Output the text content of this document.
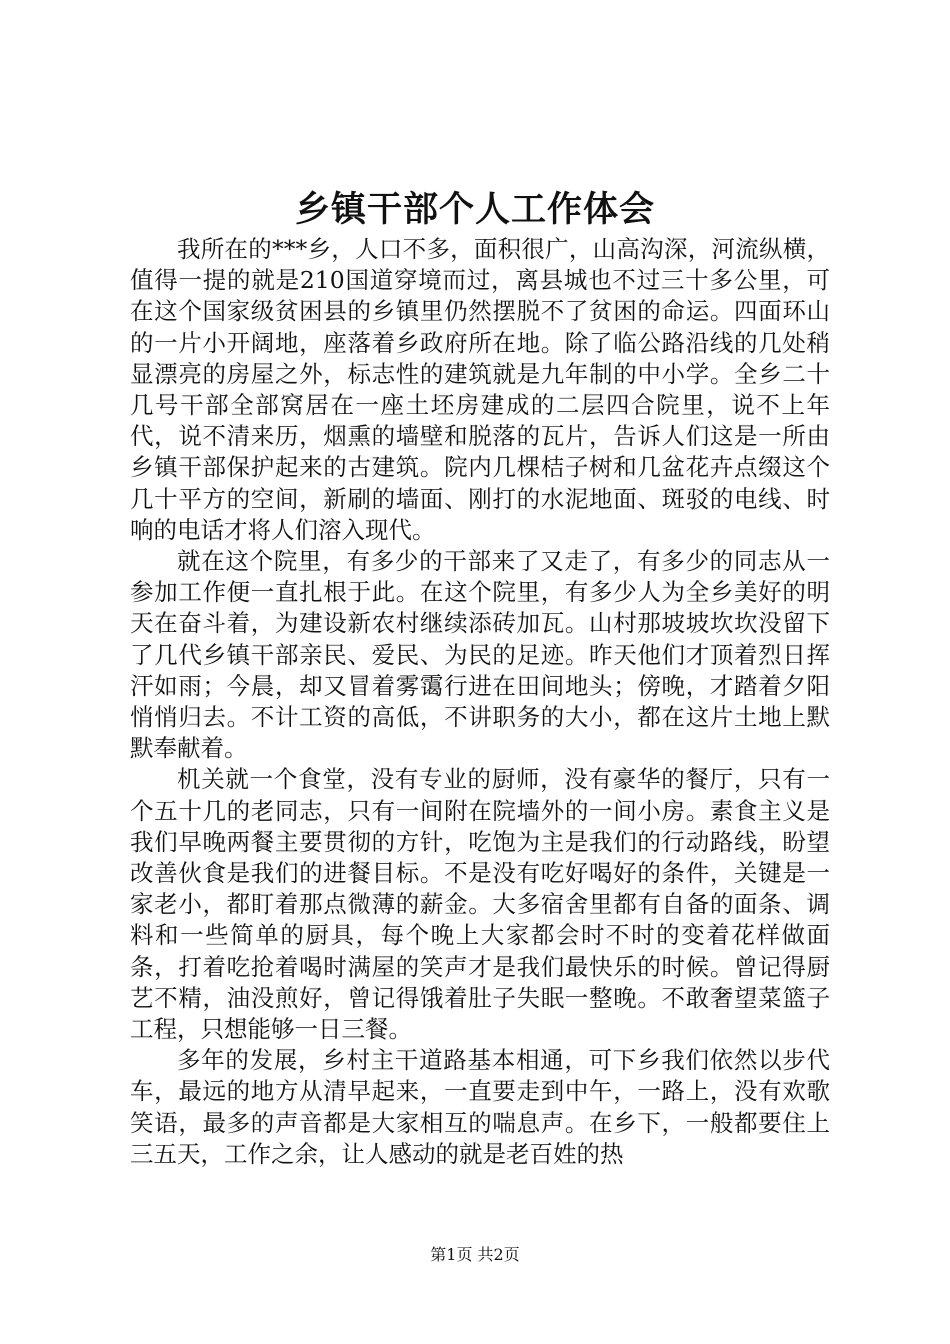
乡镇干部个人工作体会

我所在的***乡，人口不多，面积很广，山高沟深，河流纵横，值得一提的就是210国道穿境而过，离县城也不过三十多公里，可在这个国家级贫困县的乡镇里仍然摆脱不了贫困的命运。四面环山的一片小开阔地，座落着乡政府所在地。除了临公路沿线的几处稍显漂亮的房屋之外，标志性的建筑就是九年制的中小学。全乡二十几号干部全部窝居在一座土坯房建成的二层四合院里，说不上年代，说不清来历，烟熏的墙壁和脱落的瓦片，告诉人们这是一所由乡镇干部保护起来的古建筑。院内几棵桔子树和几盆花卉点缀这个几十平方的空间，新刷的墙面、刚打的水泥地面、斑驳的电线、时响的电话才将人们溶入现代。

就在这个院里，有多少的干部来了又走了，有多少的同志从一参加工作便一直扎根于此。在这个院里，有多少人为全乡美好的明天在奋斗着，为建设新农村继续添砖加瓦。山村那坡坡坎坎没留下了几代乡镇干部亲民、爱民、为民的足迹。昨天他们才顶着烈日挥汗如雨；今晨，却又冒着雾霭行进在田间地头；傍晚，才踏着夕阳悄悄归去。不计工资的高低，不讲职务的大小，都在这片土地上默默奉献着。

机关就一个食堂，没有专业的厨师，没有豪华的餐厅，只有一个五十几的老同志，只有一间附在院墙外的一间小房。素食主义是我们早晚两餐主要贯彻的方针，吃饱为主是我们的行动路线，盼望改善伙食是我们的进餐目标。不是没有吃好喝好的条件，关键是一家老小，都盯着那点微薄的薪金。大多宿舍里都有自备的面条、调料和一些简单的厨具，每个晚上大家都会时不时的变着花样做面条，打着吃抢着喝时满屋的笑声才是我们最快乐的时候。曾记得厨艺不精，油没煎好，曾记得饿着肚子失眠一整晚。不敢奢望菜篮子工程，只想能够一日三餐。

多年的发展，乡村主干道路基本相通，可下乡我们依然以步代车，最远的地方从清早起来，一直要走到中午，一路上，没有欢歌笑语，最多的声音都是大家相互的喘息声。在乡下，一般都要住上三五天，工作之余，让人感动的就是老百姓的热

第1页 共2页
